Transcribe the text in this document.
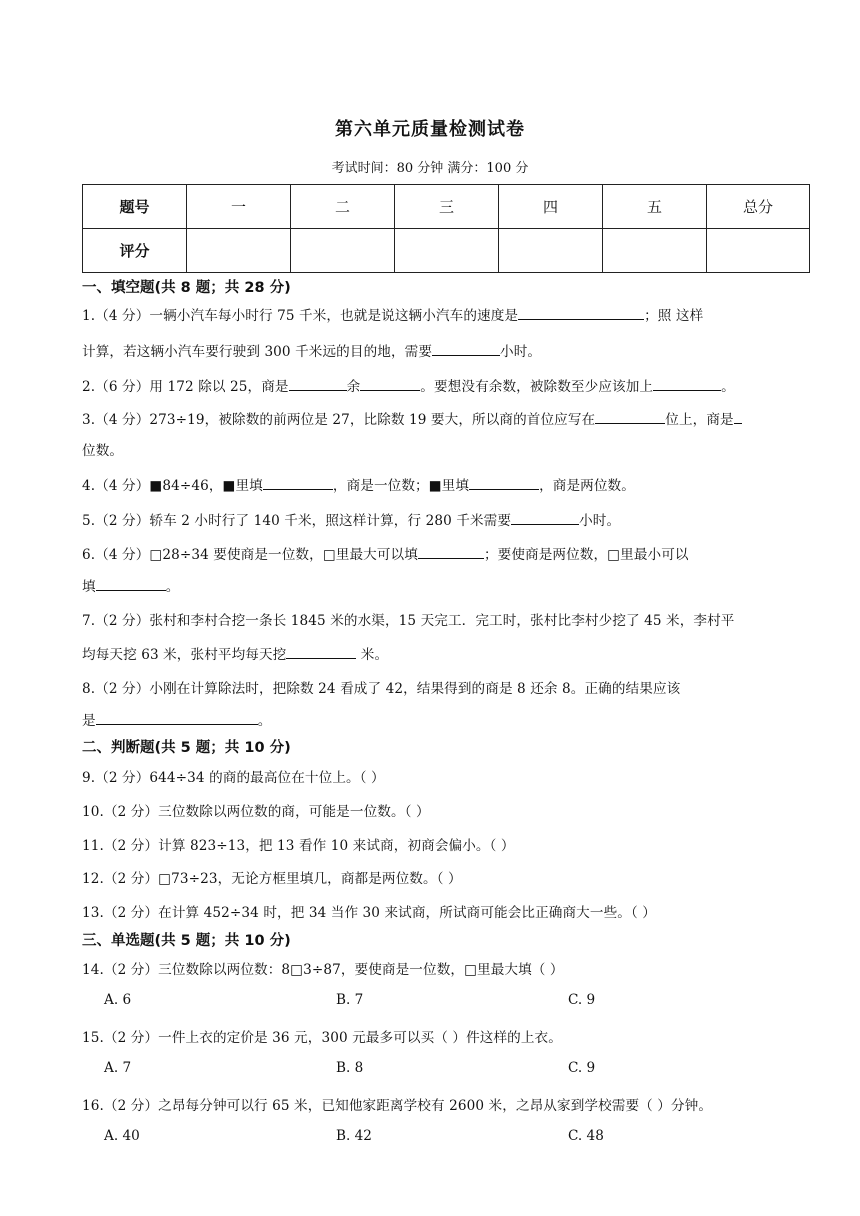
第六单元质量检测试卷
考试时间：80 分钟 满分：100 分
题号	一	二	三	四	五	总分
评分						
一、填空题(共 8 题；共 28 分)
1.（4 分）一辆小汽车每小时行 75 千米，也就是说这辆小汽车的速度是	；照 这样
计算，若这辆小汽车要行驶到 300 千米远的目的地，需要	小时。
2.（6 分）用 172 除以 25，商是	余	。要想没有余数，被除数至少应该加上	。
3.（4 分）273÷19，被除数的前两位是 27，比除数 19 要大，所以商的首位应写在	位上，商是
位数。
4.（4 分）■84÷46，■里填	，商是一位数；■里填	，商是两位数。
5.（2 分）轿车 2 小时行了 140 千米，照这样计算，行 280 千米需要	小时。
6.（4 分）□28÷34 要使商是一位数，□里最大可以填	；要使商是两位数，□里最小可以
填	。
7.（2 分）张村和李村合挖一条长 1845 米的水渠，15 天完工．完工时，张村比李村少挖了 45 米，李村平
均每天挖 63 米，张村平均每天挖	米。
8.（2 分）小刚在计算除法时，把除数 24 看成了 42，结果得到的商是 8 还余 8。正确的结果应该
是	。
二、判断题(共 5 题；共 10 分)
9.（2 分）644÷34 的商的最高位在十位上。（ ）
10.（2 分）三位数除以两位数的商，可能是一位数。（ ）
11.（2 分）计算 823÷13，把 13 看作 10 来试商，初商会偏小。（ ）
12.（2 分）□73÷23，无论方框里填几，商都是两位数。（ ）
13.（2 分）在计算 452÷34 时，把 34 当作 30 来试商，所试商可能会比正确商大一些。（ ）
三、单选题(共 5 题；共 10 分)
14.（2 分）三位数除以两位数：8□3÷87，要使商是一位数，□里最大填（ ）
A. 6	B. 7	C. 9
15.（2 分）一件上衣的定价是 36 元，300 元最多可以买（ ）件这样的上衣。
A. 7	B. 8	C. 9
16.（2 分）之昂每分钟可以行 65 米，已知他家距离学校有 2600 米，之昂从家到学校需要（ ）分钟。
A. 40	B. 42	C. 48
